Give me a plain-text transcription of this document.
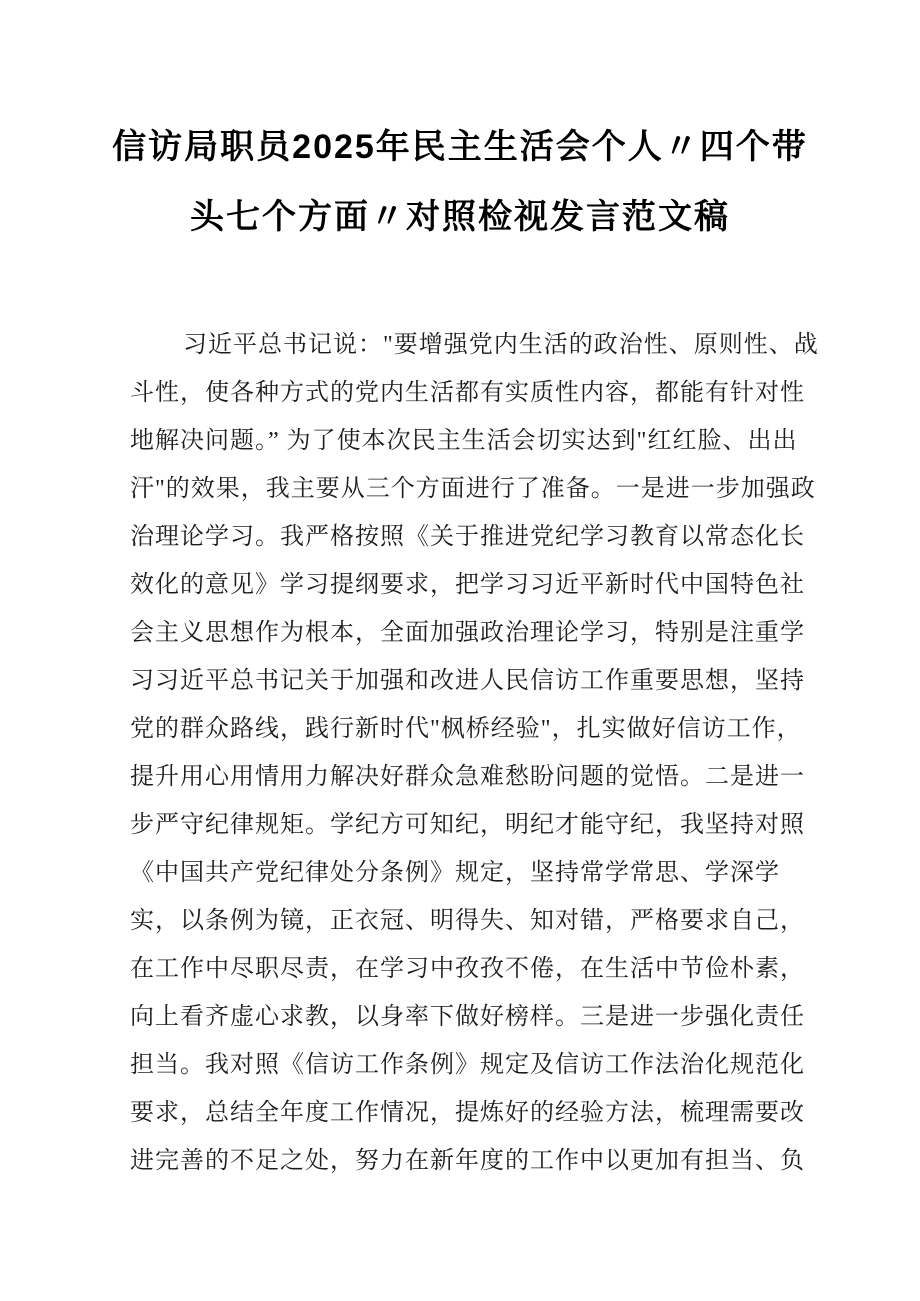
信访局职员2025年民主生活会个人〃四个带
头七个方面〃对照检视发言范文稿
习近平总书记说："要增强党内生活的政治性、原则性、战
斗性，使各种方式的党内生活都有实质性内容，都能有针对性
地解决问题。” 为了使本次民主生活会切实达到"红红脸、出出
汗"的效果，我主要从三个方面进行了准备。一是进一步加强政
治理论学习。我严格按照《关于推进党纪学习教育以常态化长
效化的意见》学习提纲要求，把学习习近平新时代中国特色社
会主义思想作为根本，全面加强政治理论学习，特别是注重学
习习近平总书记关于加强和改进人民信访工作重要思想，坚持
党的群众路线，践行新时代"枫桥经验"，扎实做好信访工作，
提升用心用情用力解决好群众急难愁盼问题的觉悟。二是进一
步严守纪律规矩。学纪方可知纪，明纪才能守纪，我坚持对照
《中国共产党纪律处分条例》规定，坚持常学常思、学深学
实，以条例为镜，正衣冠、明得失、知对错，严格要求自己，
在工作中尽职尽责，在学习中孜孜不倦，在生活中节俭朴素，
向上看齐虚心求教，以身率下做好榜样。三是进一步强化责任
担当。我对照《信访工作条例》规定及信访工作法治化规范化
要求，总结全年度工作情况，提炼好的经验方法，梳理需要改
进完善的不足之处，努力在新年度的工作中以更加有担当、负
